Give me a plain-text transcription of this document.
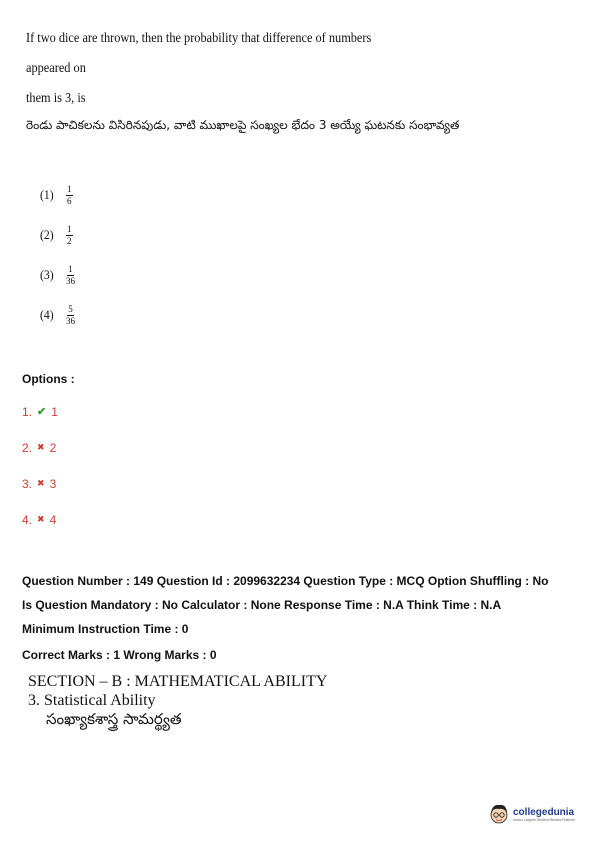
If two dice are thrown, then the probability that difference of numbers appeared on

them is 3, is

రెండు పాచికలను విసిరినపుడు, వాటి ముఖాలపై సంఖ్యల భేదం 3 అయ్యే ఘటనకు సంభావ్యత
(1)	$\frac{1}{6}$
(2)	$\frac{1}{2}$
(3)	$\frac{1}{36}$
(4)	$\frac{5}{36}$
Options :
1. ✔ 1
2. ✖ 2
3. ✖ 3
4. ✖ 4
Question Number : 149 Question Id : 2099632234 Question Type : MCQ Option Shuffling : No
Is Question Mandatory : No Calculator : None Response Time : N.A Think Time : N.A
Minimum Instruction Time : 0
Correct Marks : 1 Wrong Marks : 0
SECTION – B : MATHEMATICAL ABILITY
3. Statistical Ability
సంఖ్యాకశాస్త్ర సామర్థ్యత
collegedunia
India's Largest Student Review Platform
